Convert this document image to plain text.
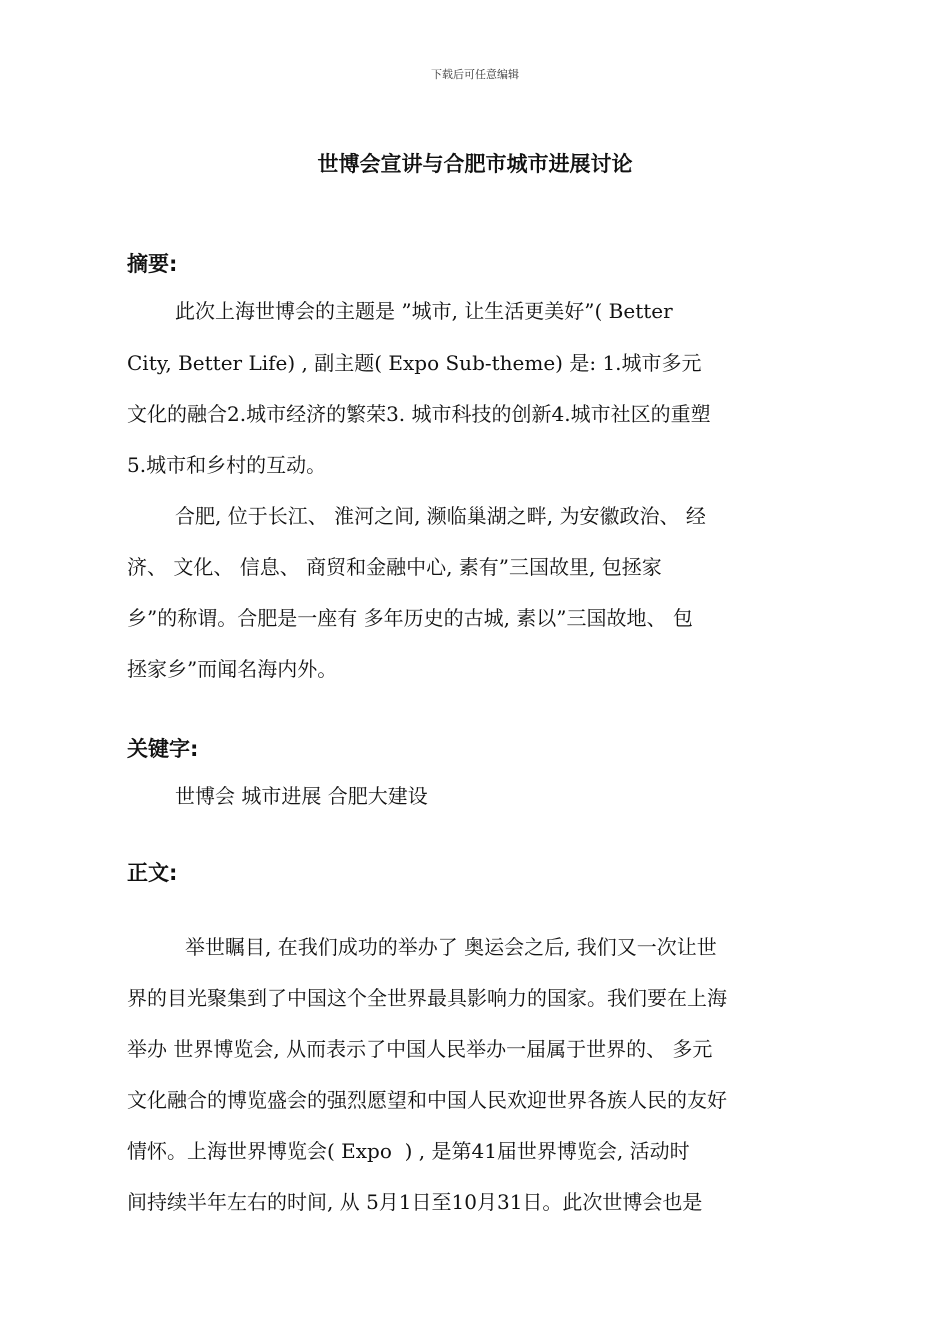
下载后可任意编辑
世博会宣讲与合肥市城市进展讨论
摘要:
此次上海世博会的主题是 ”城市, 让生活更美好”( Better
City, Better Life) , 副主题( Expo Sub-theme) 是: 1.城市多元
文化的融合2.城市经济的繁荣3. 城市科技的创新4.城市社区的重塑
5.城市和乡村的互动。
合肥, 位于长江、 淮河之间, 濒临巢湖之畔, 为安徽政治、 经
济、 文化、 信息、 商贸和金融中心, 素有”三国故里, 包拯家
乡”的称谓。合肥是一座有 多年历史的古城, 素以”三国故地、 包
拯家乡”而闻名海内外。
关键字:
世博会 城市进展 合肥大建设
正文:
举世瞩目, 在我们成功的举办了 奥运会之后, 我们又一次让世
界的目光聚集到了中国这个全世界最具影响力的国家。我们要在上海
举办 世界博览会, 从而表示了中国人民举办一届属于世界的、 多元
文化融合的博览盛会的强烈愿望和中国人民欢迎世界各族人民的友好
情怀。上海世界博览会( Expo  ) , 是第41届世界博览会, 活动时
间持续半年左右的时间, 从 5月1日至10月31日。此次世博会也是
